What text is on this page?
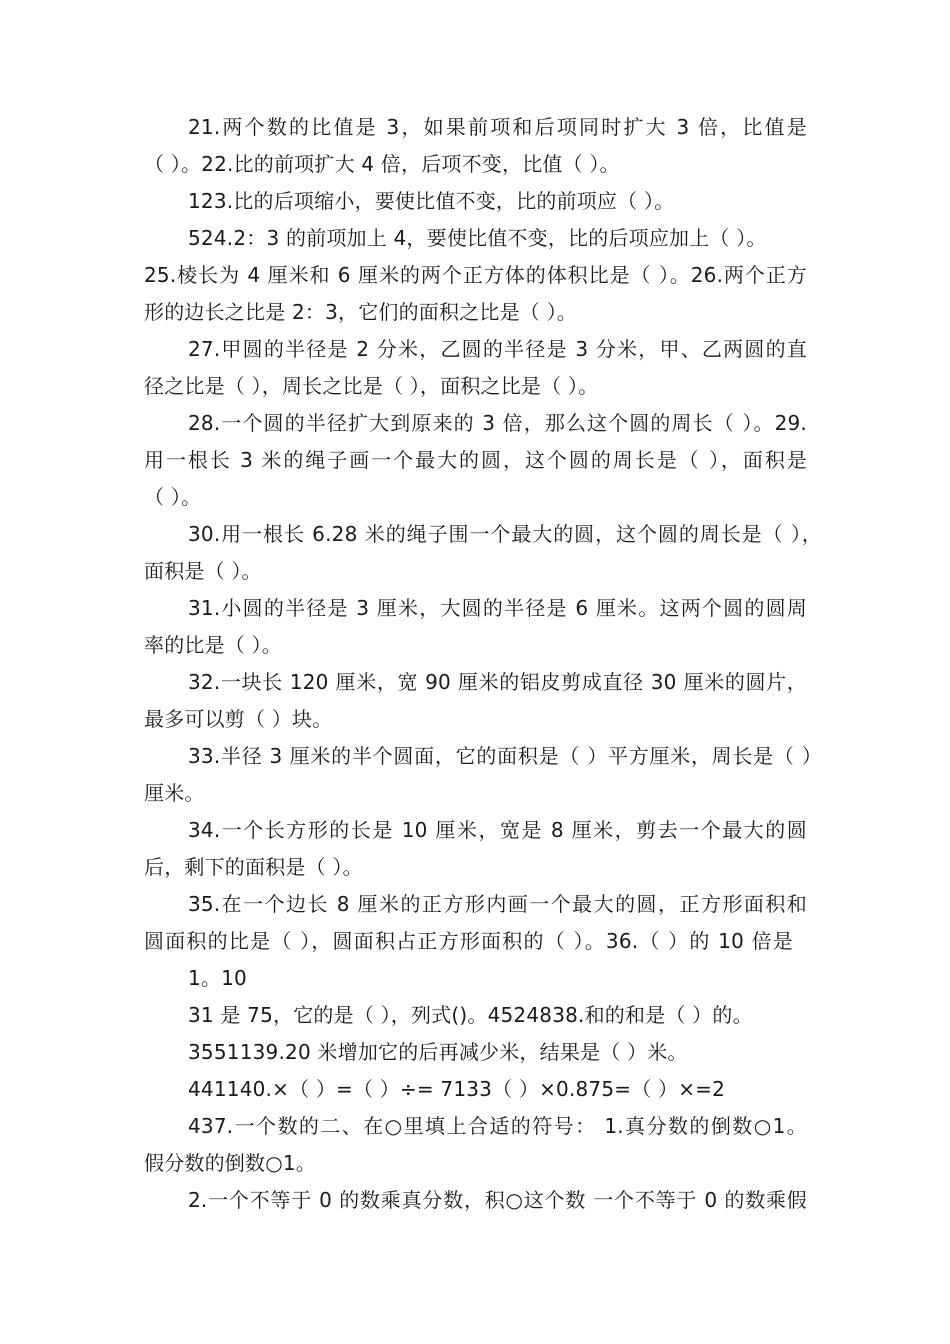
21.两个数的比值是 3，如果前项和后项同时扩大 3 倍，比值是
（ ）。22.比的前项扩大 4 倍，后项不变，比值（ ）。
123.比的后项缩小，要使比值不变，比的前项应（ ）。
524.2：3 的前项加上 4，要使比值不变，比的后项应加上（ ）。
25.棱长为 4 厘米和 6 厘米的两个正方体的体积比是（ ）。26.两个正方
形的边长之比是 2：3，它们的面积之比是（ ）。
27.甲圆的半径是 2 分米，乙圆的半径是 3 分米，甲、乙两圆的直
径之比是（ ），周长之比是（ ），面积之比是（ ）。
28.一个圆的半径扩大到原来的 3 倍，那么这个圆的周长（ ）。29.
用一根长 3 米的绳子画一个最大的圆，这个圆的周长是（ ），面积是
（ ）。
30.用一根长 6.28 米的绳子围一个最大的圆，这个圆的周长是（ ），
面积是（ ）。
31.小圆的半径是 3 厘米，大圆的半径是 6 厘米。这两个圆的圆周
率的比是（ ）。
32.一块长 120 厘米，宽 90 厘米的铝皮剪成直径 30 厘米的圆片，
最多可以剪（ ）块。
33.半径 3 厘米的半个圆面，它的面积是（ ）平方厘米，周长是（ ）
厘米。
34.一个长方形的长是 10 厘米，宽是 8 厘米，剪去一个最大的圆
后，剩下的面积是（ ）。
35.在一个边长 8 厘米的正方形内画一个最大的圆，正方形面积和
圆面积的比是（ ），圆面积占正方形面积的（ ）。36.（ ）的 10 倍是
1。10
31 是 75，它的是（ ），列式()。4524838.和的和是（ ）的。
3551139.20 米增加它的后再减少米，结果是（ ）米。
441140.×（ ）=（ ）÷= 7133（ ）×0.875=（ ）×=2
437.一个数的二、在○里填上合适的符号： 1.真分数的倒数○1。
假分数的倒数○1。
2.一个不等于 0 的数乘真分数，积○这个数 一个不等于 0 的数乘假
